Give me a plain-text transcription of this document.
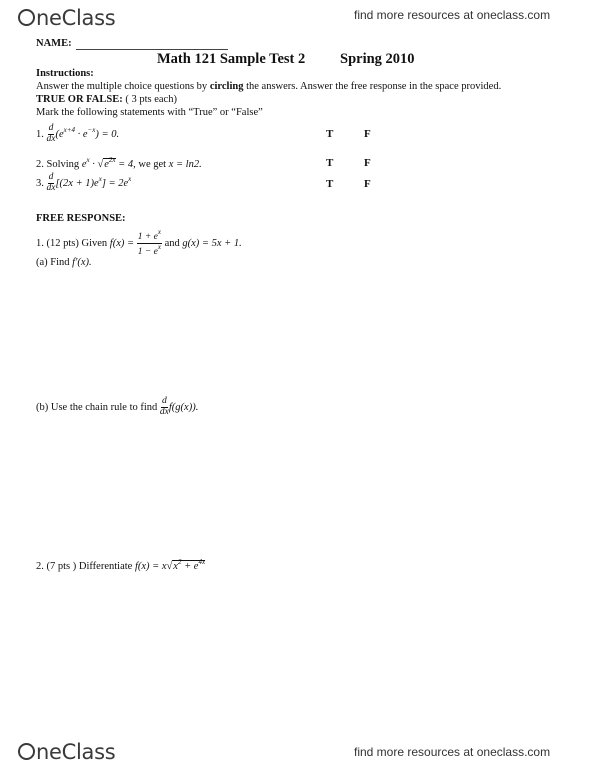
neClass	find more resources at oneclass.com
NAME:
Math 121 Sample Test 2 Spring 2010
Instructions:
Answer the multiple choice questions by circling the answers. Answer the free response in the space provided.
TRUE OR FALSE: ( 3 pts each)
Mark the following statements with “True” or “False”
1. $\frac{d}{dx} (e^{x+4} \cdot e^{-x}) = 0$.	T	F
2. Solving $e^x \cdot √e^{2x} = 4$, we get x = ln2.	T	F
3. $\frac{d}{dx} [(2x + 1)e^x] = 2e^x$	T	F
FREE RESPONSE:
1. (12 pts) Given $f(x) = \frac{1 + e^x}{1 - e^x}$ and g(x) = 5x + 1.
(a) Find f′(x).
(b) Use the chain rule to find $\frac{d}{dx} f(g(x))$.
2. (7 pts ) Differentiate $f(x) = x√x^2 + e^{4x}$
neClass	find more resources at oneclass.com
